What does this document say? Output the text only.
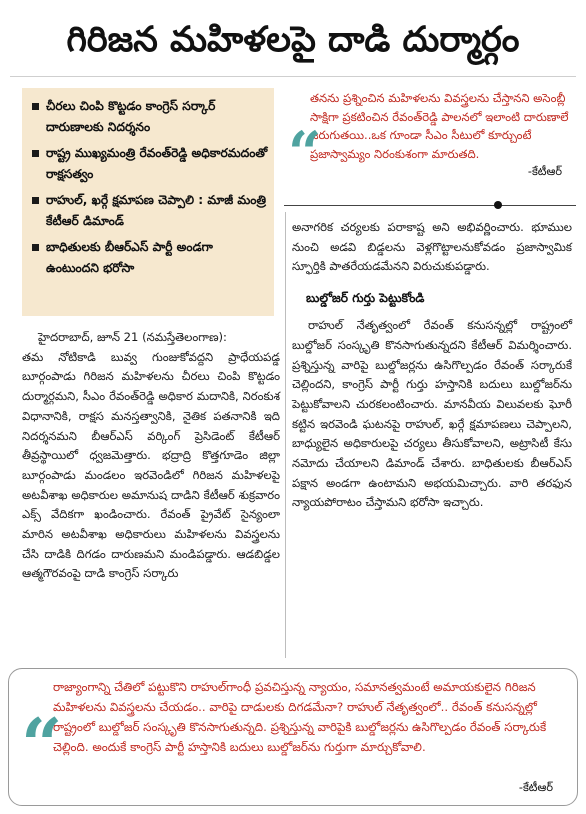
గిరిజన మహిళలపై దాడి దుర్మార్గం
చీరలు చింపి కొట్టడం కాంగ్రెస్ సర్కార్ దారుణాలకు నిదర్శనం
రాష్ట్ర ముఖ్యమంత్రి రేవంత్‌రెడ్డి అధికారమదంతో రాక్షసత్వం
రాహుల్, ఖర్గే క్షమాపణ చెప్పాలి : మాజీ మంత్రి కేటీఆర్ డిమాండ్
బాధితులకు బీఆర్ఎస్ పార్టీ అండగా ఉంటుందని భరోసా
“
తనను ప్రశ్నించిన మహిళలను వివస్త్రలను చేస్తానని అసెంబ్లీ సాక్షిగా ప్రకటించిన రేవంత్‌రెడ్డి పాలనలో ఇలాంటి దారుణాలే జరుగుతయి..ఒక గూండా సీఎం సీటులో కూర్చుంటే ప్రజాస్వామ్యం నిరంకుశంగా మారుతది.
-కేటీఆర్

హైదరాబాద్, జూన్ 21 (నమస్తేతెలంగాణ):

తమ నోటికాడి బువ్వ గుంజుకోవద్దని ప్రాధేయపడ్డ బూర్గంపాడు గిరిజన మహిళలను చీరలు చింపి కొట్టడం దుర్మార్గమని, సీఎం రేవంత్‌రెడ్డి అధికార మదానికి, నిరంకుశ విధానానికి, రాక్షస మనస్తత్వానికి, నైతిక పతనానికి ఇది నిదర్శనమని బీఆర్ఎస్ వర్కింగ్ ప్రెసిడెంట్ కేటీఆర్ తీవ్రస్థాయిలో ధ్వజమెత్తారు. భద్రాద్రి కొత్తగూడెం జిల్లా బూర్గంపాడు మండలం ఇరవెండిలో గిరిజన మహిళలపై అటవీశాఖ అధికారుల అమానుష దాడిని కేటీఆర్ శుక్రవారం ఎక్స్ వేదికగా ఖండించారు. రేవంత్ ప్రైవేట్ సైన్యంలా మారిన అటవీశాఖ అధికారులు మహిళలను వివస్త్రలను చేసి దాడికి దిగడం దారుణమని మండిపడ్డారు. ఆడబిడ్డల ఆత్మగౌరవంపై దాడి కాంగ్రెస్ సర్కారు

అనాగరిక చర్యలకు పరాకాష్ట అని అభివర్ణించారు. భూముల నుంచి అడవి బిడ్డలను వెళ్లగొట్టాలనుకోవడం ప్రజాస్వామిక స్ఫూర్తికి పాతరేయడమేనని విరుచుకుపడ్డారు.

బుల్డోజర్ గుర్తు పెట్టుకోండి

రాహుల్ నేతృత్వంలో రేవంత్ కనుసన్నల్లో రాష్ట్రంలో బుల్డోజర్ సంస్కృతి కొనసాగుతున్నదని కేటీఆర్ విమర్శించారు. ప్రశ్నిస్తున్న వారిపై బుల్డోజర్లను ఉసిగొల్పడం రేవంత్ సర్కారుకే చెల్లిందని, కాంగ్రెస్ పార్టీ గుర్తు హస్తానికి బదులు బుల్డోజర్‌ను పెట్టుకోవాలని చురకలంటించారు. మానవీయ విలువలకు ఘోరీ కట్టిన ఇరవెండి ఘటనపై రాహుల్, ఖర్గే క్షమాపణలు చెప్పాలని, బాధ్యులైన అధికారులపై చర్యలు తీసుకోవాలని, అట్రాసిటీ కేసు నమోదు చేయాలని డిమాండ్ చేశారు. బాధితులకు బీఆర్ఎస్ పక్షాన అండగా ఉంటామని అభయమిచ్చారు. వారి తరఫున న్యాయపోరాటం చేస్తామని భరోసా ఇచ్చారు.

“
రాజ్యాంగాన్ని చేతిలో పట్టుకొని రాహుల్‌గాంధీ ప్రవచిస్తున్న న్యాయం, సమానత్వమంటే అమాయకులైన గిరిజన మహిళలను వివస్త్రలను చేయడం.. వారిపై దాడులకు దిగడమేనా? రాహుల్ నేతృత్వంలో.. రేవంత్ కనుసన్నల్లో రాష్ట్రంలో బుల్డోజర్ సంస్కృతి కొనసాగుతున్నది. ప్రశ్నిస్తున్న వారిపైకి బుల్డోజర్లను ఉసిగొల్పడం రేవంత్ సర్కారుకే చెల్లింది. అందుకే కాంగ్రెస్ పార్టీ హస్తానికి బదులు బుల్డోజర్‌ను గుర్తుగా మార్చుకోవాలి.
-కేటీఆర్
